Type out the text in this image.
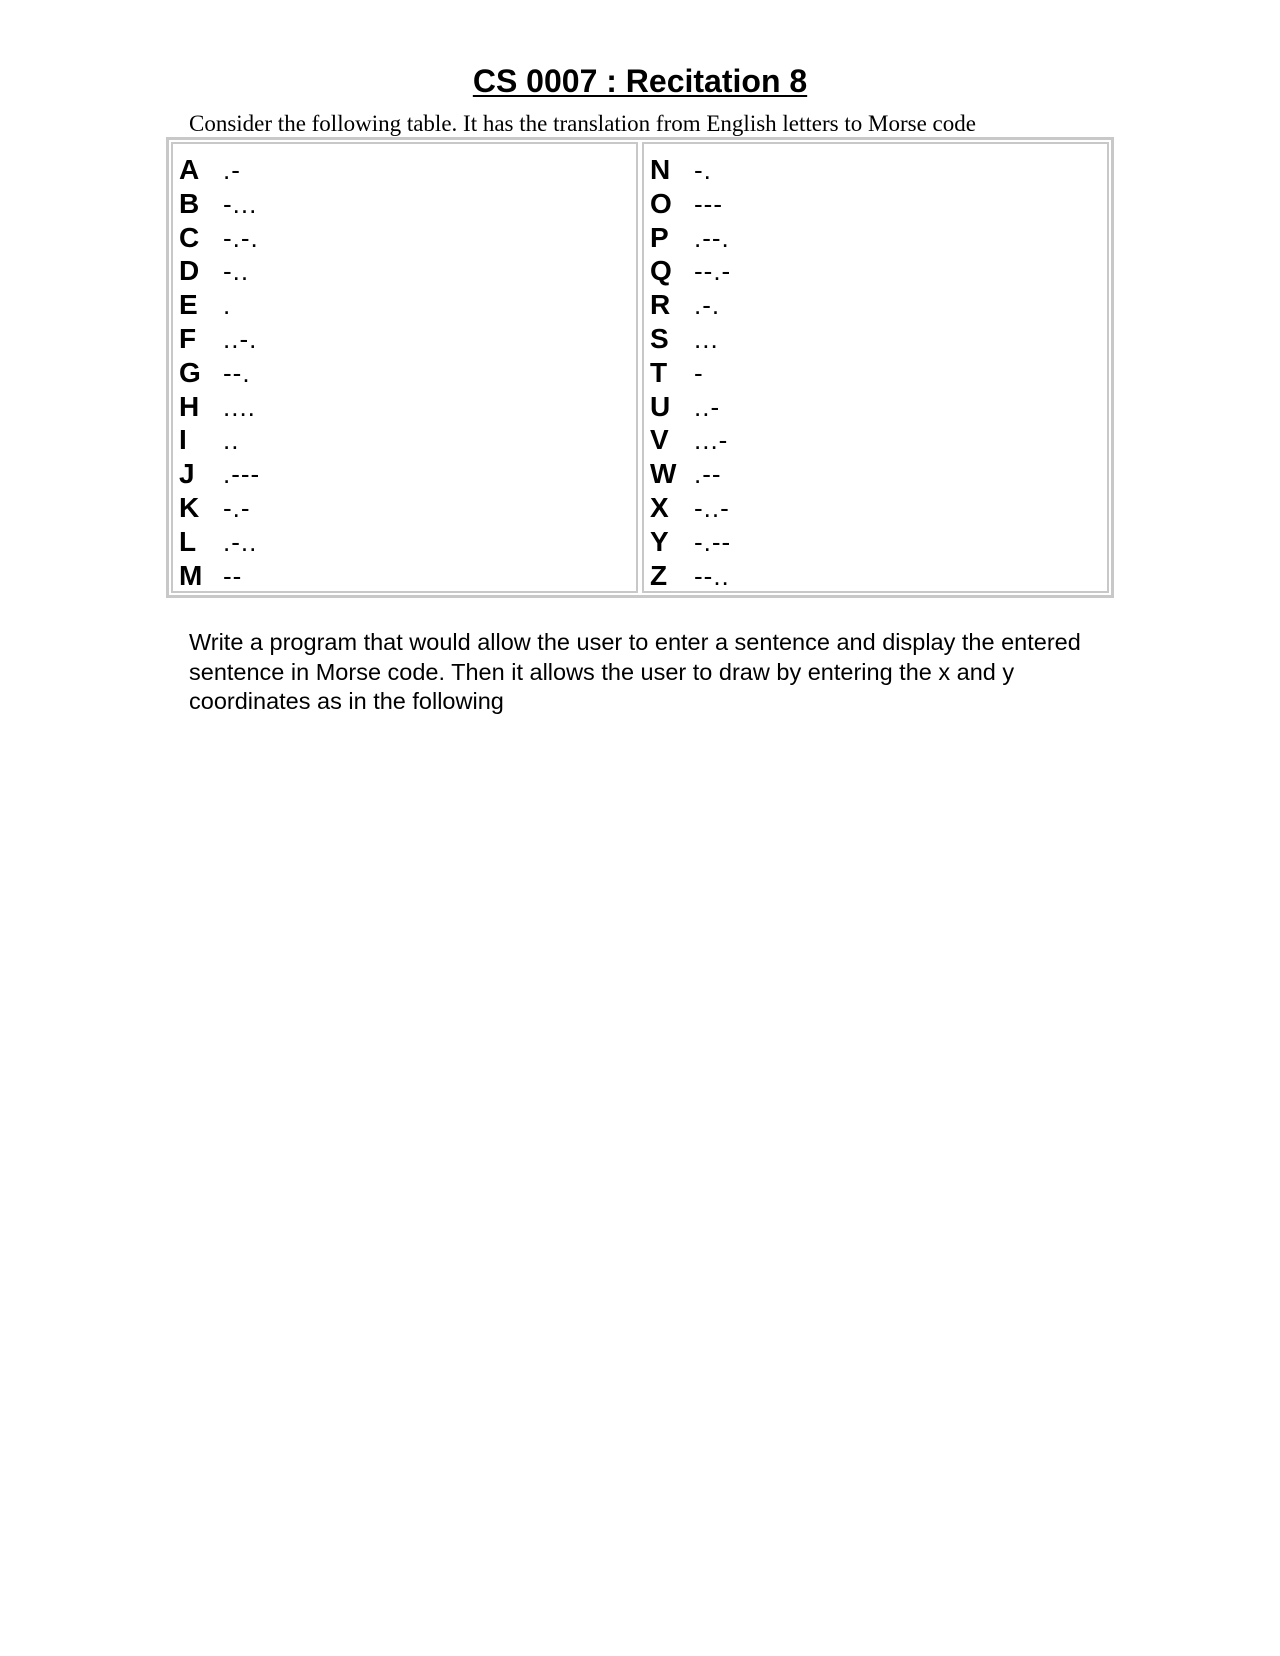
CS 0007 : Recitation 8
Consider the following table. It has the translation from English letters to Morse code
A .-
B -...
C -.-.
D -..
E .
F	..-.
G --.
H ....
I	..
J	.---
K -.-
L	.-..
M --
N -.
O ---
P .--.
Q --.-
R .-.
S ...
T	-
U ..-
V ...-
W .--
X -..-
Y -.--
Z	--..
Write a program that would allow the user to enter a sentence and display the entered sentence in Morse code. Then it allows the user to draw by entering the x and y coordinates as in the following
